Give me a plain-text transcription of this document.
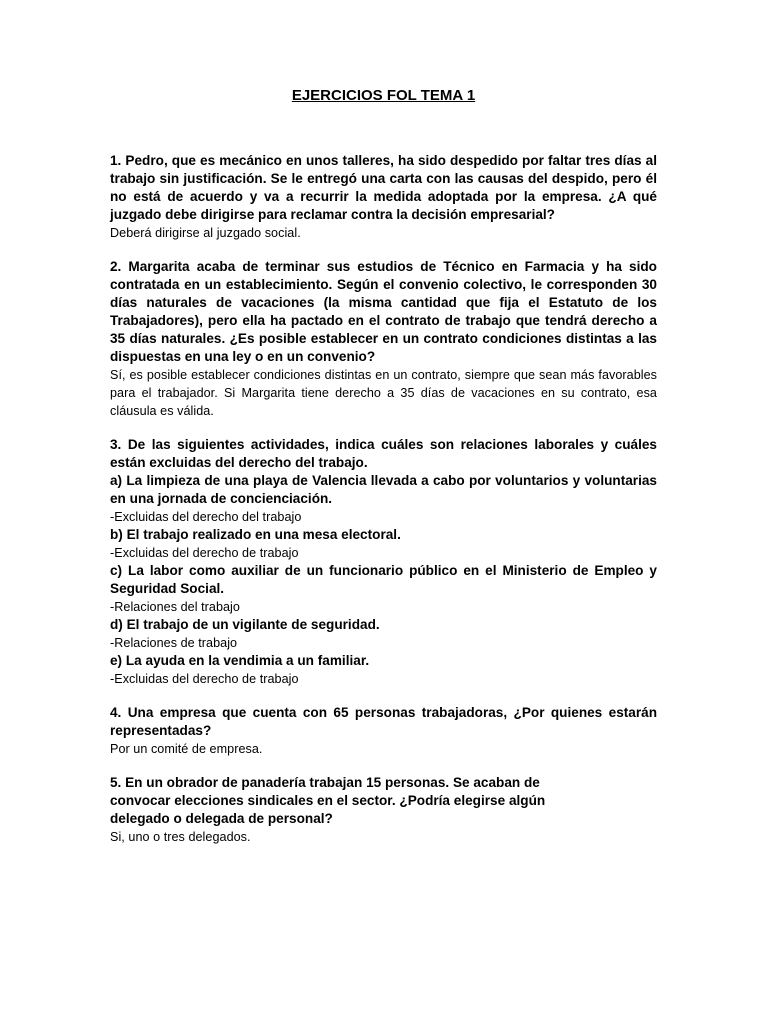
EJERCICIOS FOL TEMA 1

1. Pedro, que es mecánico en unos talleres, ha sido despedido por faltar tres días al trabajo sin justificación. Se le entregó una carta con las causas del despido, pero él no está de acuerdo y va a recurrir la medida adoptada por la empresa. ¿A qué juzgado debe dirigirse para reclamar contra la decisión empresarial?

Deberá dirigirse al juzgado social.

2. Margarita acaba de terminar sus estudios de Técnico en Farmacia y ha sido contratada en un establecimiento. Según el convenio colectivo, le corresponden 30 días naturales de vacaciones (la misma cantidad que fija el Estatuto de los Trabajadores), pero ella ha pactado en el contrato de trabajo que tendrá derecho a 35 días naturales. ¿Es posible establecer en un contrato condiciones distintas a las dispuestas en una ley o en un convenio?

Sí, es posible establecer condiciones distintas en un contrato, siempre que sean más favorables para el trabajador. Si Margarita tiene derecho a 35 días de vacaciones en su contrato, esa cláusula es válida.

3. De las siguientes actividades, indica cuáles son relaciones laborales y cuáles están excluidas del derecho del trabajo.

a) La limpieza de una playa de Valencia llevada a cabo por voluntarios y voluntarias en una jornada de concienciación.

-Excluidas del derecho del trabajo

b) El trabajo realizado en una mesa electoral.

-Excluidas del derecho de trabajo

c) La labor como auxiliar de un funcionario público en el Ministerio de Empleo y Seguridad Social.

-Relaciones del trabajo

d) El trabajo de un vigilante de seguridad.

-Relaciones de trabajo

e) La ayuda en la vendimia a un familiar.

-Excluidas del derecho de trabajo

4. Una empresa que cuenta con 65 personas trabajadoras, ¿Por quienes estarán representadas?

Por un comité de empresa.

5. En un obrador de panadería trabajan 15 personas. Se acaban de convocar elecciones sindicales en el sector. ¿Podría elegirse algún delegado o delegada de personal?

Si, uno o tres delegados.
